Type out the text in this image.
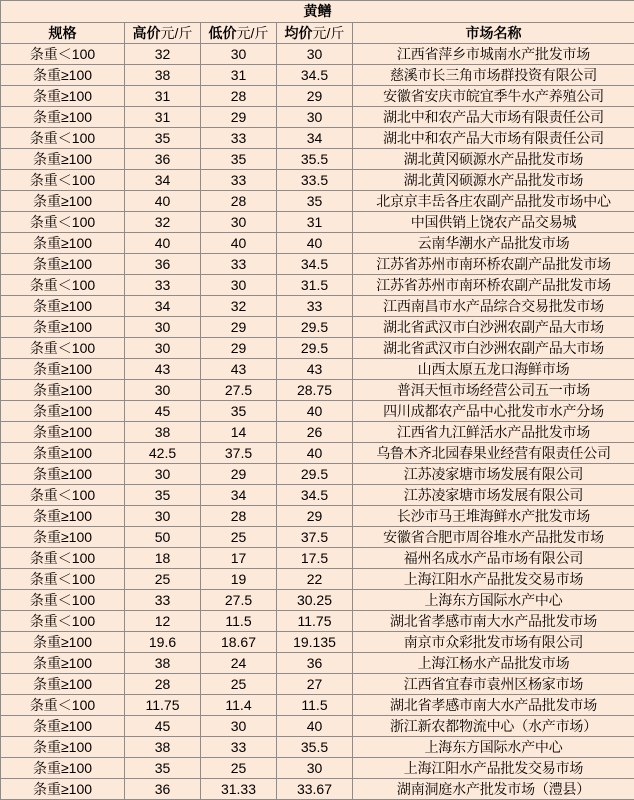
黄鳝				
规格	高价元/斤	低价元/斤	均价元/斤	市场名称
条重＜100	32	30	30	江西省萍乡市城南水产批发市场
条重≥100	38	31	34.5	慈溪市长三角市场群投资有限公司
条重≥100	31	28	29	安徽省安庆市皖宜季牛水产养殖公司
条重≥100	31	29	30	湖北中和农产品大市场有限责任公司
条重＜100	35	33	34	湖北中和农产品大市场有限责任公司
条重≥100	36	35	35.5	湖北黄冈硕源水产品批发市场
条重＜100	34	33	33.5	湖北黄冈硕源水产品批发市场
条重≥100	40	28	35	北京京丰岳各庄农副产品批发市场中心
条重＜100	32	30	31	中国供销上饶农产品交易城
条重≥100	40	40	40	云南华潮水产品批发市场
条重≥100	36	33	34.5	江苏省苏州市南环桥农副产品批发市场
条重＜100	33	30	31.5	江苏省苏州市南环桥农副产品批发市场
条重≥100	34	32	33	江西南昌市水产品综合交易批发市场
条重≥100	30	29	29.5	湖北省武汉市白沙洲农副产品大市场
条重＜100	30	29	29.5	湖北省武汉市白沙洲农副产品大市场
条重≥100	43	43	43	山西太原五龙口海鲜市场
条重≥100	30	27.5	28.75	普洱天恒市场经营公司五一市场
条重≥100	45	35	40	四川成都农产品中心批发市水产分场
条重≥100	38	14	26	江西省九江鲜活水产品批发市场
条重≥100	42.5	37.5	40	乌鲁木齐北园春果业经营有限责任公司
条重≥100	30	29	29.5	江苏凌家塘市场发展有限公司
条重＜100	35	34	34.5	江苏凌家塘市场发展有限公司
条重≥100	30	28	29	长沙市马王堆海鲜水产批发市场
条重≥100	50	25	37.5	安徽省合肥市周谷堆水产品批发市场
条重＜100	18	17	17.5	福州名成水产品市场有限公司
条重＜100	25	19	22	上海江阳水产品批发交易市场
条重＜100	33	27.5	30.25	上海东方国际水产中心
条重＜100	12	11.5	11.75	湖北省孝感市南大水产品批发市场
条重≥100	19.6	18.67	19.135	南京市众彩批发市场有限公司
条重≥100	38	24	36	上海江杨水产品批发市场
条重≥100	28	25	27	江西省宜春市袁州区杨家市场
条重＜100	11.75	11.4	11.5	湖北省孝感市南大水产品批发市场
条重≥100	45	30	40	浙江新农都物流中心（水产市场）
条重≥100	38	33	35.5	上海东方国际水产中心
条重≥100	35	25	30	上海江阳水产品批发交易市场
条重≥100	36	31.33	33.67	湖南洞庭水产批发市场（澧县）
